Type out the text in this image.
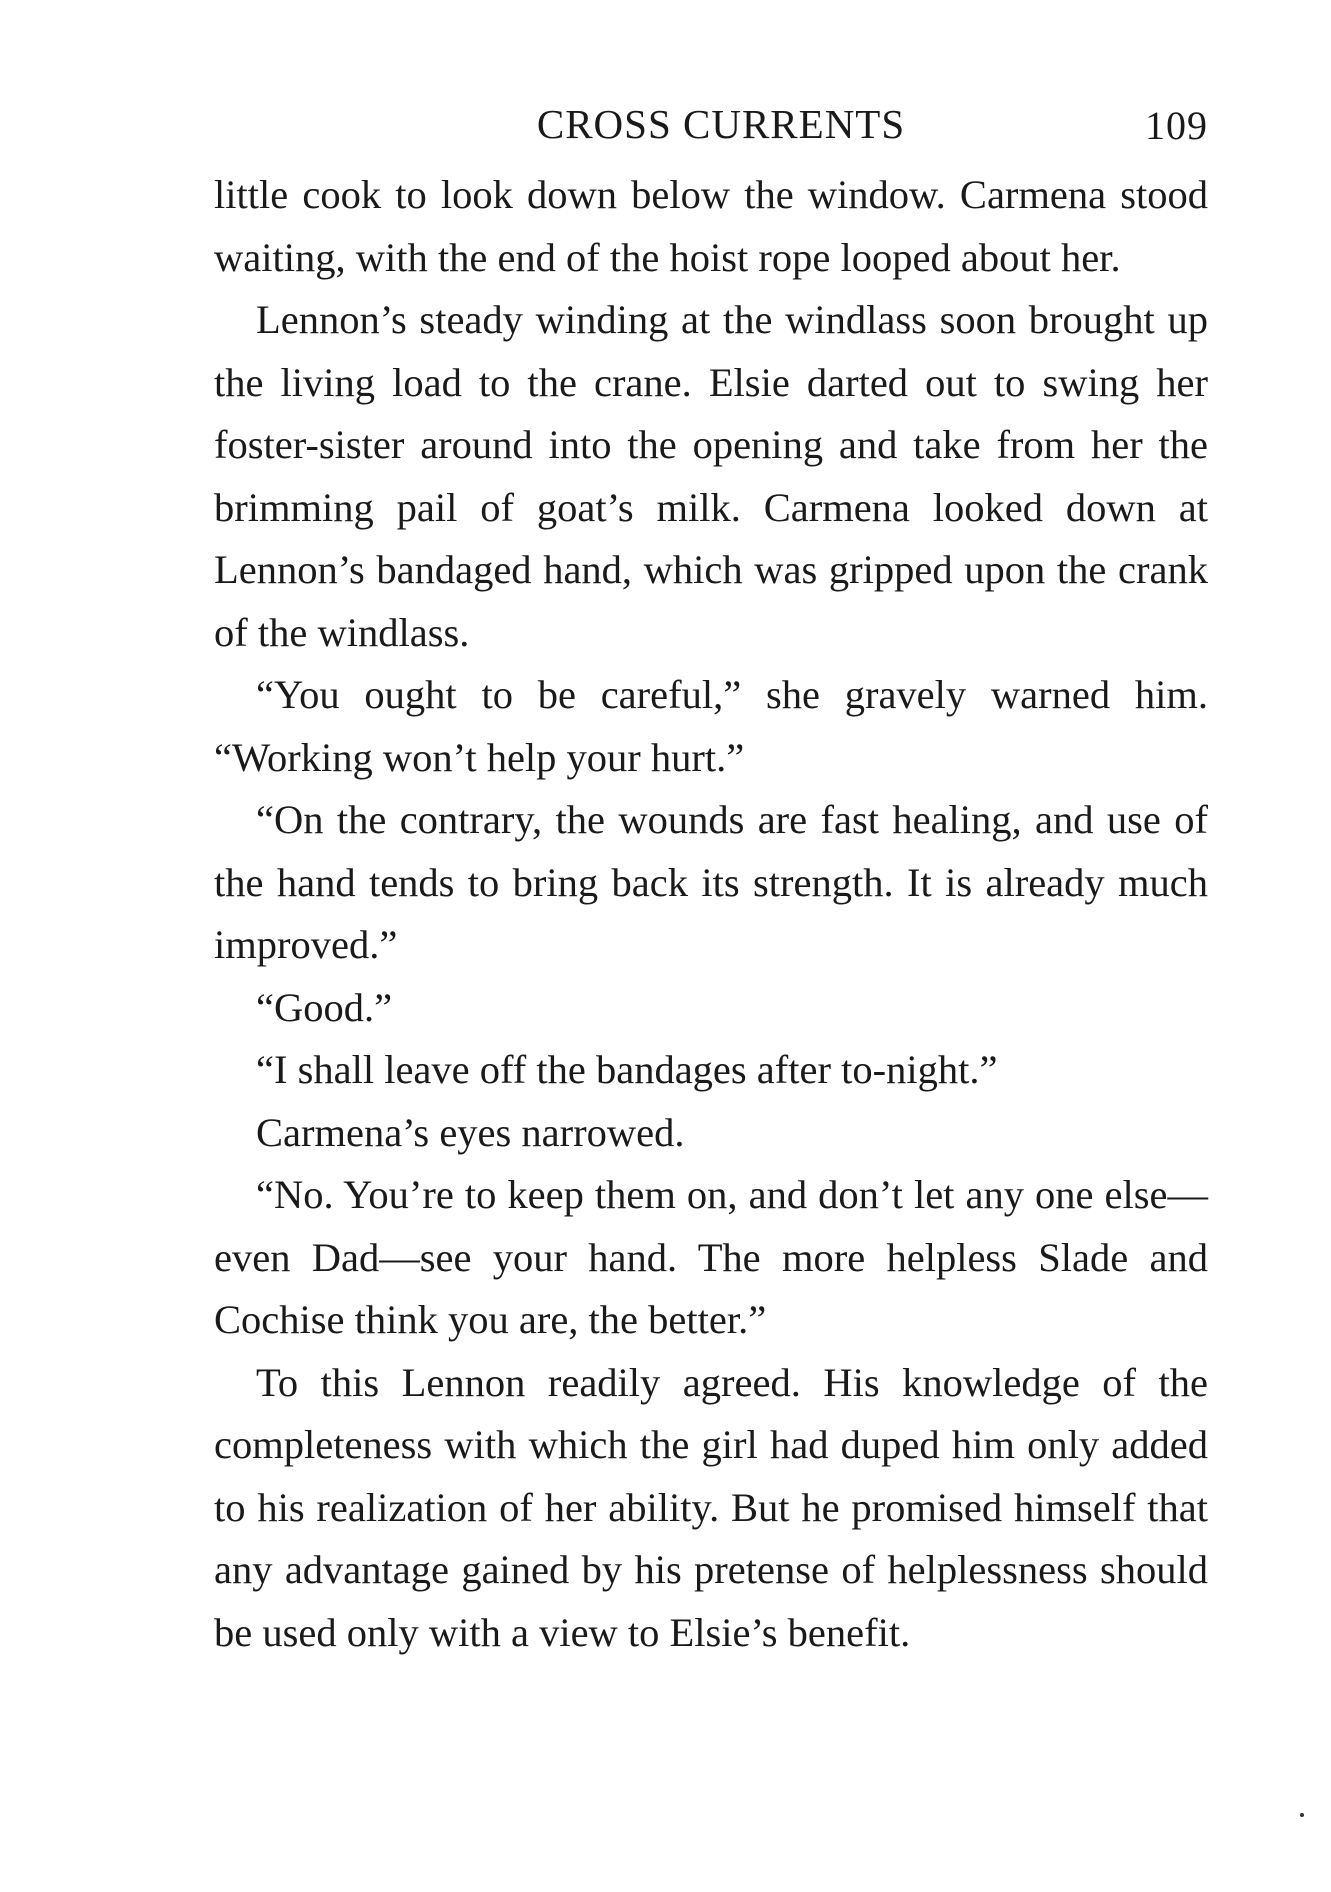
CROSS CURRENTS	109

little cook to look down below the window. Carmena stood waiting, with the end of the hoist rope looped about her.

Lennon’s steady winding at the windlass soon brought up the living load to the crane. Elsie darted out to swing her foster-sister around into the opening and take from her the brimming pail of goat’s milk. Carmena looked down at Lennon’s bandaged hand, which was gripped upon the crank of the windlass.

“You ought to be careful,” she gravely warned him. “Working won’t help your hurt.”

“On the contrary, the wounds are fast healing, and use of the hand tends to bring back its strength. It is already much improved.”

“Good.”

“I shall leave off the bandages after to-night.”

Carmena’s eyes narrowed.

“No. You’re to keep them on, and don’t let any one else—even Dad—see your hand. The more helpless Slade and Cochise think you are, the better.”

To this Lennon readily agreed. His knowledge of the completeness with which the girl had duped him only added to his realization of her ability. But he promised himself that any advantage gained by his pretense of helplessness should be used only with a view to Elsie’s benefit.
